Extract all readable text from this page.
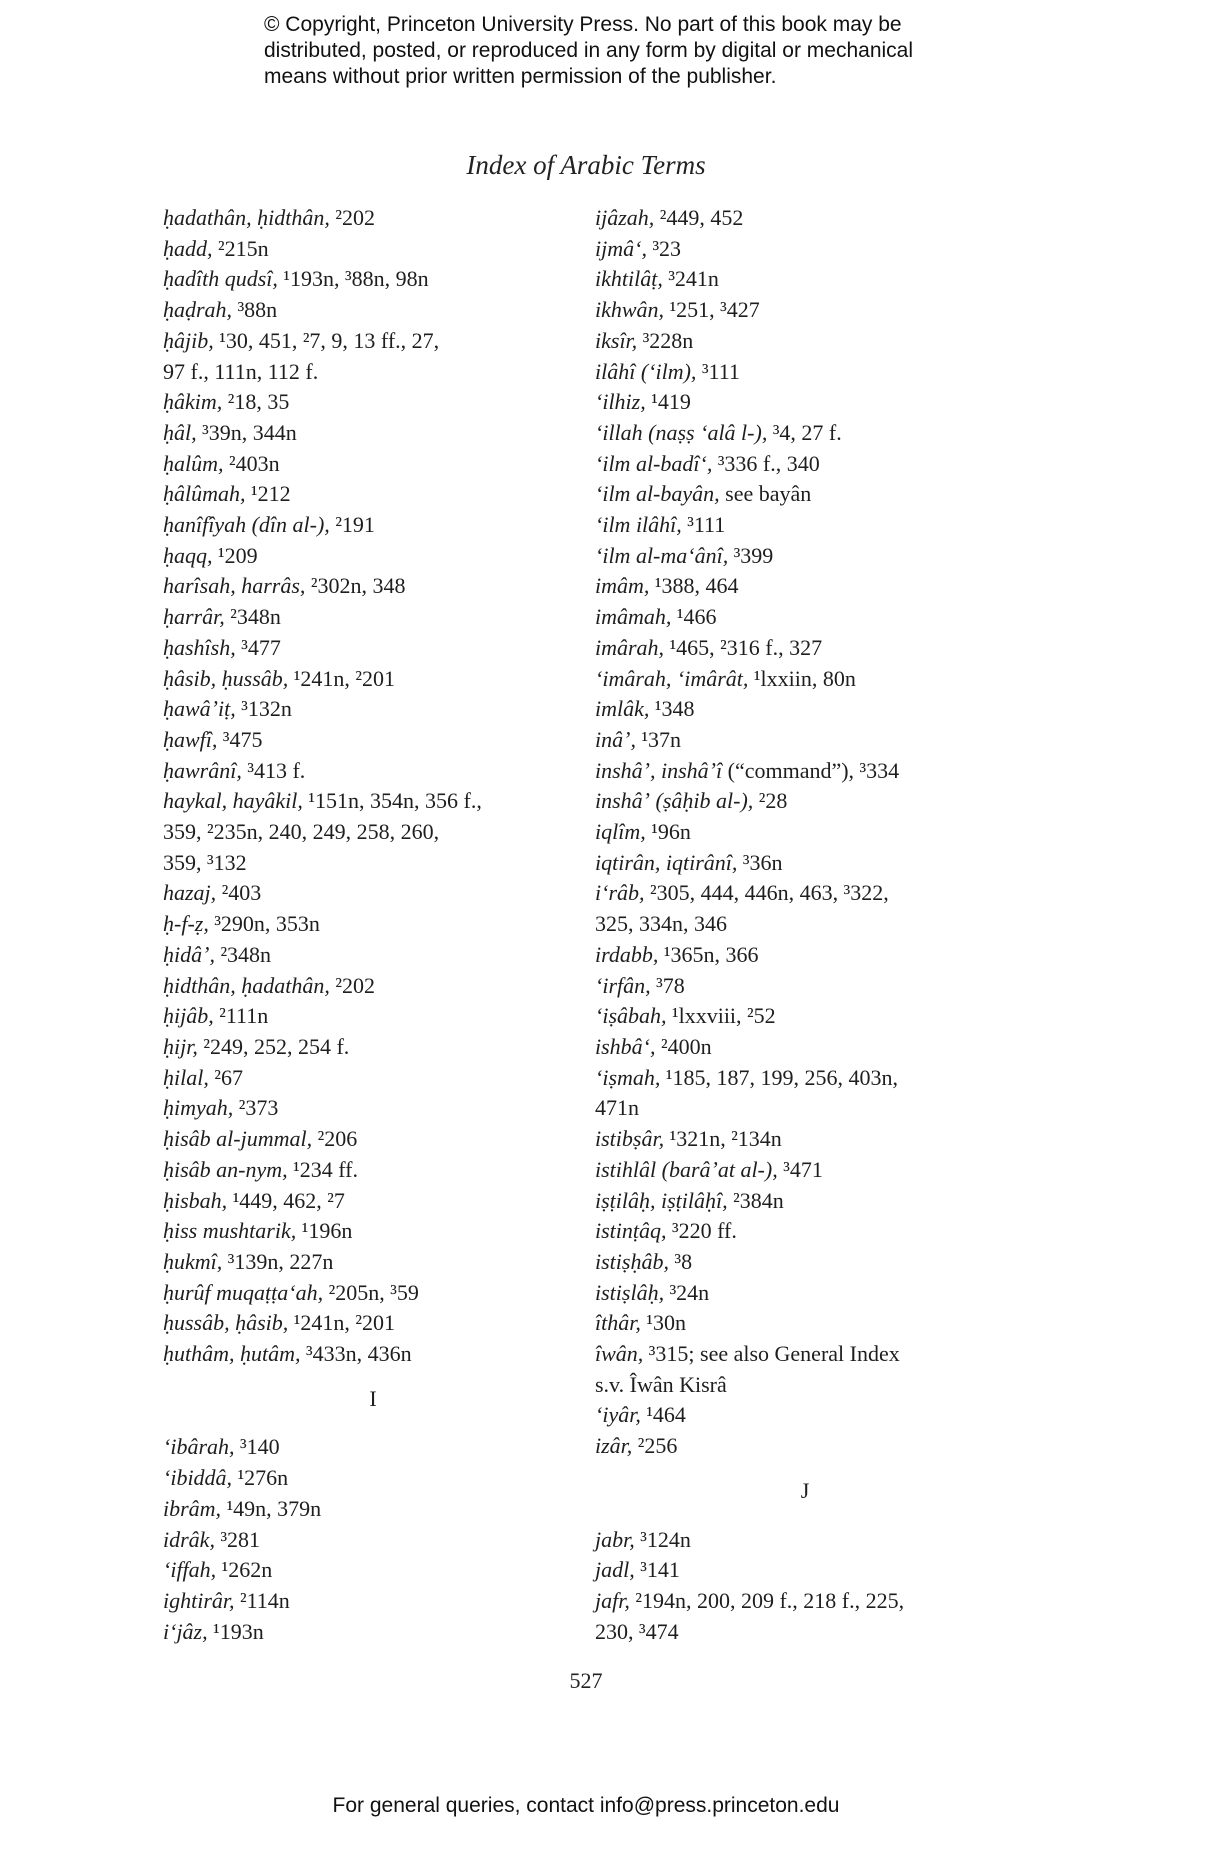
© Copyright, Princeton University Press. No part of this book may be
distributed, posted, or reproduced in any form by digital or mechanical
means without prior written permission of the publisher.
Index of Arabic Terms
ḥadathân, ḥidthân, ²202
ḥadd, ²215n
ḥadîth qudsî, ¹193n, ³88n, 98n
ḥaḍrah, ³88n
ḥâjib, ¹30, 451, ²7, 9, 13 ff., 27,
97 f., 111n, 112 f.
ḥâkim, ²18, 35
ḥâl, ³39n, 344n
ḥalûm, ²403n
ḥâlûmah, ¹212
ḥanîfîyah (dîn al-), ²191
ḥaqq, ¹209
harîsah, harrâs, ²302n, 348
ḥarrâr, ²348n
ḥashîsh, ³477
ḥâsib, ḥussâb, ¹241n, ²201
ḥawâʼiṭ, ³132n
ḥawfî, ³475
ḥawrânî, ³413 f.
haykal, hayâkil, ¹151n, 354n, 356 f.,
359, ²235n, 240, 249, 258, 260,
359, ³132
hazaj, ²403
ḥ-f-ẓ, ³290n, 353n
ḥidâʼ, ²348n
ḥidthân, ḥadathân, ²202
ḥijâb, ²111n
ḥijr, ²249, 252, 254 f.
ḥilal, ²67
ḥimyah, ²373
ḥisâb al-jummal, ²206
ḥisâb an-nym, ¹234 ff.
ḥisbah, ¹449, 462, ²7
ḥiss mushtarik, ¹196n
ḥukmî, ³139n, 227n
ḥurûf muqaṭṭaʻah, ²205n, ³59
ḥussâb, ḥâsib, ¹241n, ²201
ḥuthâm, ḥutâm, ³433n, 436n
I
ʻibârah, ³140
ʻibiddâ, ¹276n
ibrâm, ¹49n, 379n
idrâk, ³281
ʻiffah, ¹262n
ightirâr, ²114n
iʻjâz, ¹193n
ijâzah, ²449, 452
ijmâʻ, ³23
ikhtilâṭ, ³241n
ikhwân, ¹251, ³427
iksîr, ³228n
ilâhî (ʻilm), ³111
ʻilhiz, ¹419
ʻillah (naṣṣ ʻalâ l-), ³4, 27 f.
ʻilm al-badîʻ, ³336 f., 340
ʻilm al-bayân, see bayân
ʻilm ilâhî, ³111
ʻilm al-maʻânî, ³399
imâm, ¹388, 464
imâmah, ¹466
imârah, ¹465, ²316 f., 327
ʻimârah, ʻimârât, ¹lxxiin, 80n
imlâk, ¹348
inâʼ, ¹37n
inshâʼ, inshâʼî (“command”), ³334
inshâʼ (ṣâḥib al-), ²28
iqlîm, ¹96n
iqtirân, iqtirânî, ³36n
iʻrâb, ²305, 444, 446n, 463, ³322,
325, 334n, 346
irdabb, ¹365n, 366
ʻirfân, ³78
ʻiṣâbah, ¹lxxviii, ²52
ishbâʻ, ²400n
ʻiṣmah, ¹185, 187, 199, 256, 403n,
471n
istibṣâr, ¹321n, ²134n
istihlâl (barâʼat al-), ³471
iṣṭilâḥ, iṣṭilâḥî, ²384n
istinṭâq, ³220 ff.
istiṣḥâb, ³8
istiṣlâḥ, ³24n
îthâr, ¹30n
îwân, ³315; see also General Index
s.v. Îwân Kisrâ
ʻiyâr, ¹464
izâr, ²256
J
jabr, ³124n
jadl, ³141
jafr, ²194n, 200, 209 f., 218 f., 225,
230, ³474
527
For general queries, contact info@press.princeton.edu
